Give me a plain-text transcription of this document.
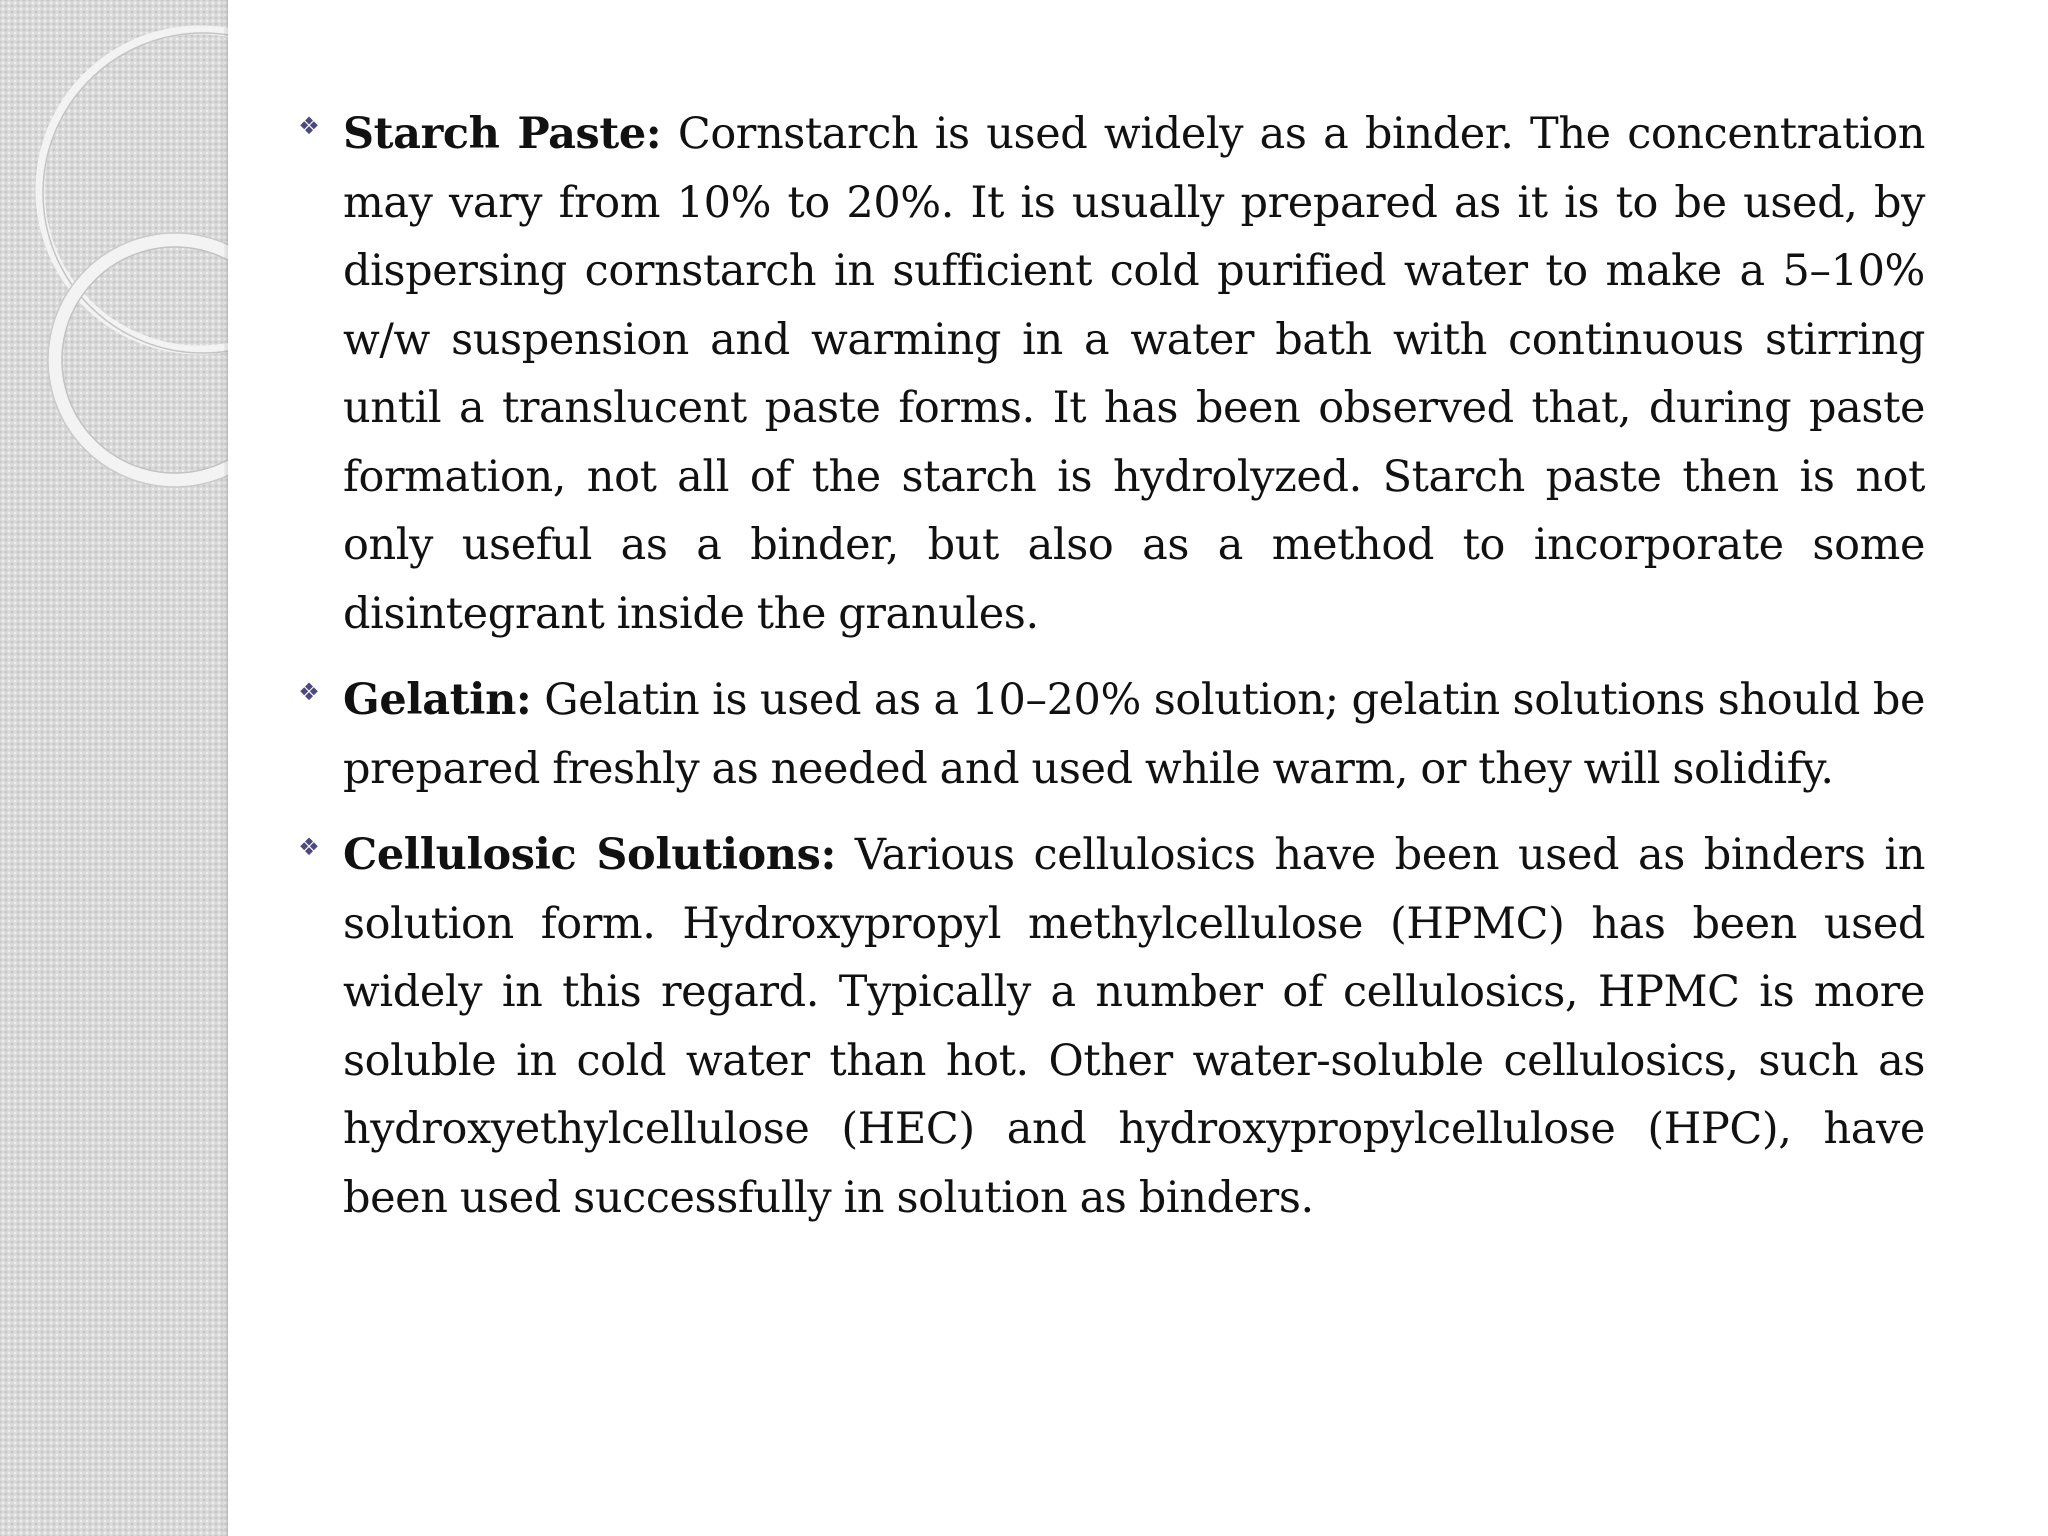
❖ Starch Paste: Cornstarch is used widely as a binder. The concentration may vary from 10% to 20%. It is usually prepared as it is to be used, by dispersing cornstarch in sufficient cold purified water to make a 5–10% w/w suspension and warming in a water bath with continuous stirring until a translucent paste forms. It has been observed that, during paste formation, not all of the starch is hydrolyzed. Starch paste then is not only useful as a binder, but also as a method to incorporate some disintegrant inside the granules.

❖ Gelatin: Gelatin is used as a 10–20% solution; gelatin solutions should be prepared freshly as needed and used while warm, or they will solidify.

❖ Cellulosic Solutions: Various cellulosics have been used as binders in solution form. Hydroxypropyl methylcellulose (HPMC) has been used widely in this regard. Typically a number of cellulosics, HPMC is more soluble in cold water than hot. Other water-soluble cellulosics, such as hydroxyethylcellulose (HEC) and hydroxypropylcellulose (HPC), have been used successfully in solution as binders.
